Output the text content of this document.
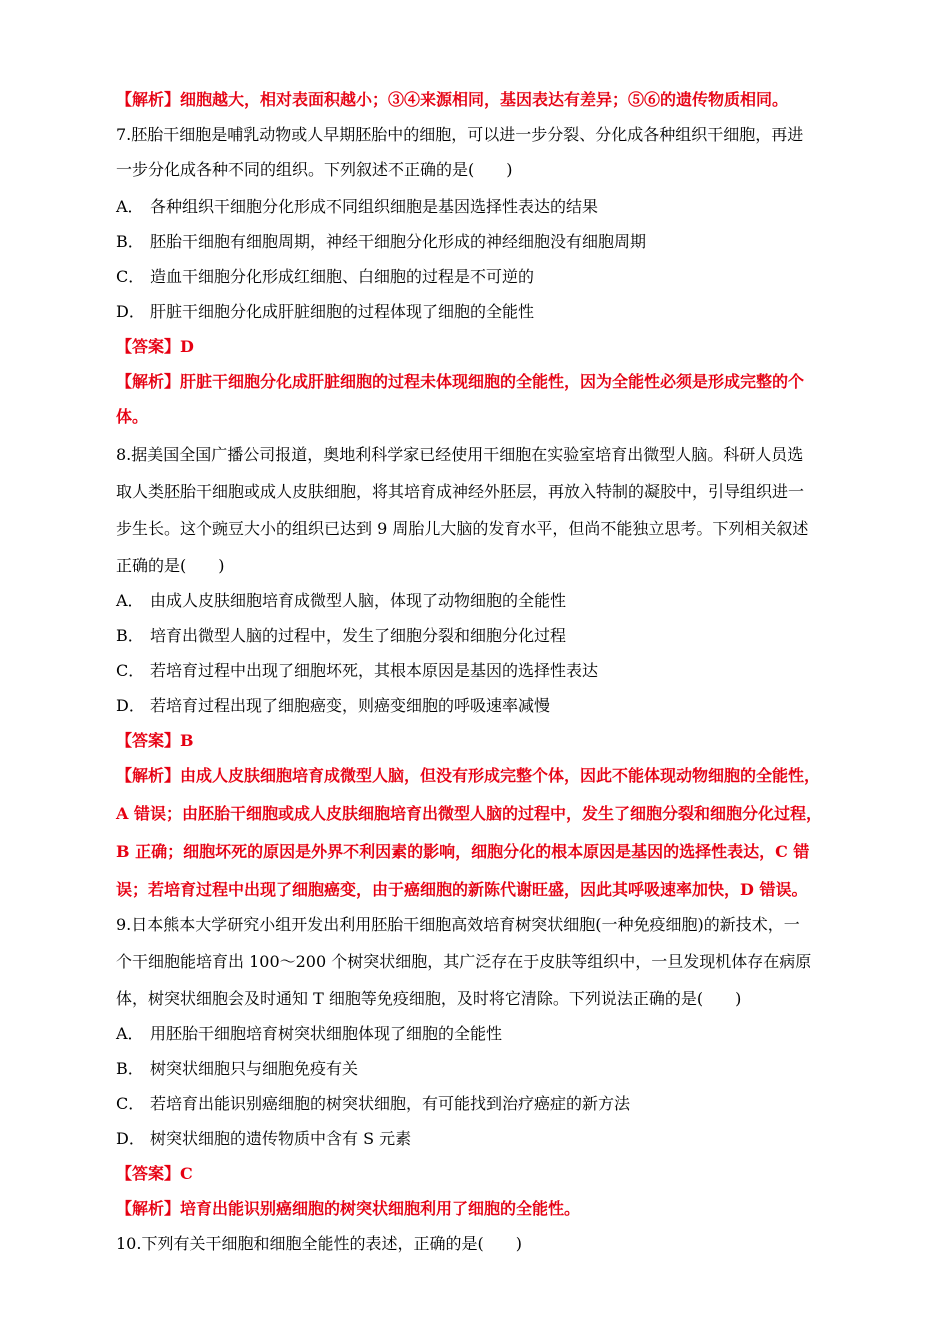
【解析】细胞越大，相对表面积越小；③④来源相同，基因表达有差异；⑤⑥的遗传物质相同。
7.胚胎干细胞是哺乳动物或人早期胚胎中的细胞，可以进一步分裂、分化成各种组织干细胞，再进
一步分化成各种不同的组织。下列叙述不正确的是(　　)
A． 各种组织干细胞分化形成不同组织细胞是基因选择性表达的结果
B． 胚胎干细胞有细胞周期，神经干细胞分化形成的神经细胞没有细胞周期
C． 造血干细胞分化形成红细胞、白细胞的过程是不可逆的
D． 肝脏干细胞分化成肝脏细胞的过程体现了细胞的全能性
【答案】D
【解析】肝脏干细胞分化成肝脏细胞的过程未体现细胞的全能性，因为全能性必须是形成完整的个
体。
8.据美国全国广播公司报道，奥地利科学家已经使用干细胞在实验室培育出微型人脑。科研人员选
取人类胚胎干细胞或成人皮肤细胞，将其培育成神经外胚层，再放入特制的凝胶中，引导组织进一
步生长。这个豌豆大小的组织已达到 9 周胎儿大脑的发育水平，但尚不能独立思考。下列相关叙述
正确的是(　　)
A． 由成人皮肤细胞培育成微型人脑，体现了动物细胞的全能性
B． 培育出微型人脑的过程中，发生了细胞分裂和细胞分化过程
C． 若培育过程中出现了细胞坏死，其根本原因是基因的选择性表达
D． 若培育过程出现了细胞癌变，则癌变细胞的呼吸速率减慢
【答案】B
【解析】由成人皮肤细胞培育成微型人脑，但没有形成完整个体，因此不能体现动物细胞的全能性，
A 错误；由胚胎干细胞或成人皮肤细胞培育出微型人脑的过程中，发生了细胞分裂和细胞分化过程，
B 正确；细胞坏死的原因是外界不利因素的影响，细胞分化的根本原因是基因的选择性表达，C 错
误；若培育过程中出现了细胞癌变，由于癌细胞的新陈代谢旺盛，因此其呼吸速率加快，D 错误。
9.日本熊本大学研究小组开发出利用胚胎干细胞高效培育树突状细胞(一种免疫细胞)的新技术，一
个干细胞能培育出 100～200 个树突状细胞，其广泛存在于皮肤等组织中，一旦发现机体存在病原
体，树突状细胞会及时通知 T 细胞等免疫细胞，及时将它清除。下列说法正确的是(　　)
A． 用胚胎干细胞培育树突状细胞体现了细胞的全能性
B． 树突状细胞只与细胞免疫有关
C． 若培育出能识别癌细胞的树突状细胞，有可能找到治疗癌症的新方法
D． 树突状细胞的遗传物质中含有 S 元素
【答案】C
【解析】培育出能识别癌细胞的树突状细胞利用了细胞的全能性。
10.下列有关干细胞和细胞全能性的表述，正确的是(　　)
